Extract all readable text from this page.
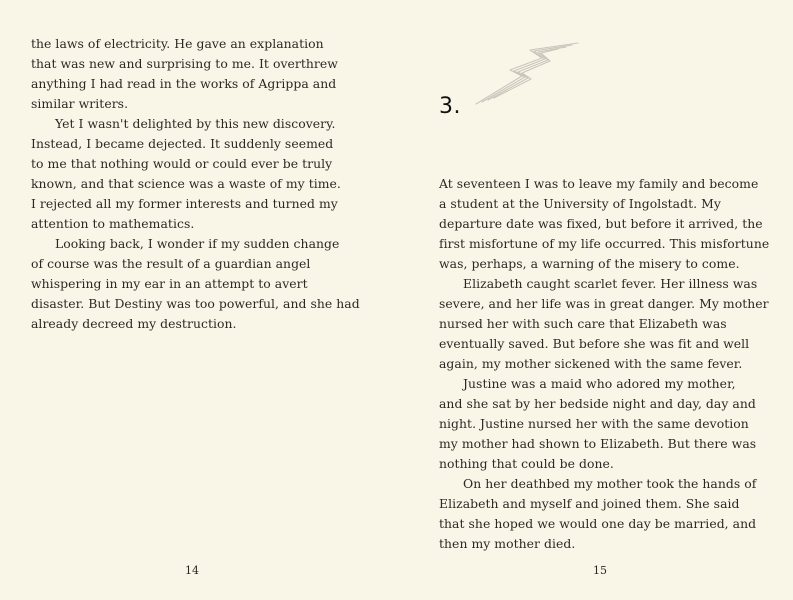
the laws of electricity. He gave an explanation
that was new and surprising to me. It overthrew
anything I had read in the works of Agrippa and
similar writers.

Yet I wasn't delighted by this new discovery.
Instead, I became dejected. It suddenly seemed
to me that nothing would or could ever be truly
known, and that science was a waste of my time.
I rejected all my former interests and turned my
attention to mathematics.

Looking back, I wonder if my sudden change
of course was the result of a guardian angel
whispering in my ear in an attempt to avert
disaster. But Destiny was too powerful, and she had
already decreed my destruction.

14
3.

At seventeen I was to leave my family and become
a student at the University of Ingolstadt. My
departure date was fixed, but before it arrived, the
first misfortune of my life occurred. This misfortune
was, perhaps, a warning of the misery to come.

Elizabeth caught scarlet fever. Her illness was
severe, and her life was in great danger. My mother
nursed her with such care that Elizabeth was
eventually saved. But before she was fit and well
again, my mother sickened with the same fever.

Justine was a maid who adored my mother,
and she sat by her bedside night and day, day and
night. Justine nursed her with the same devotion
my mother had shown to Elizabeth. But there was
nothing that could be done.

On her deathbed my mother took the hands of
Elizabeth and myself and joined them. She said
that she hoped we would one day be married, and
then my mother died.

15
